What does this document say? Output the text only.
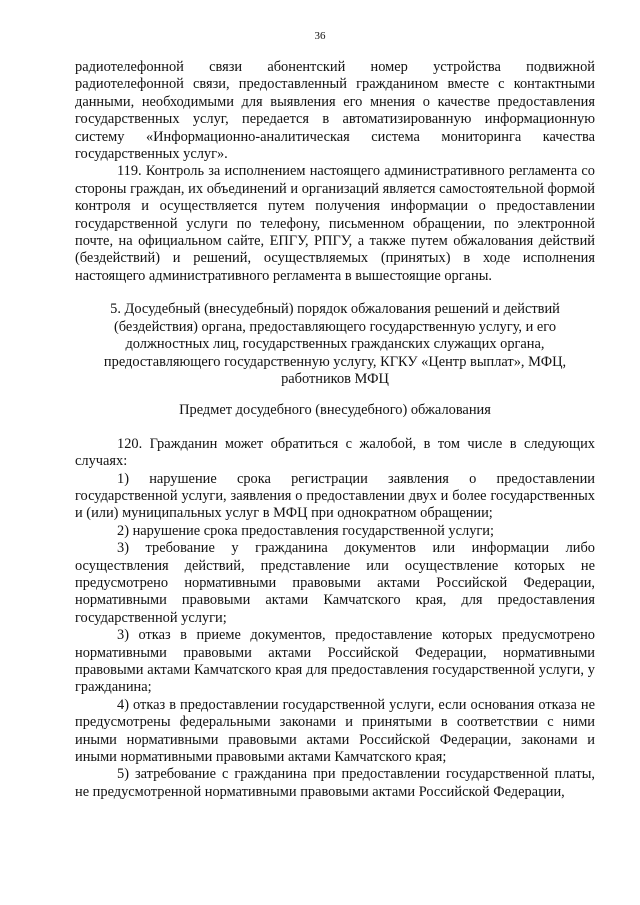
36

радиотелефонной связи абонентский номер устройства подвижной радиотелефонной связи, предоставленный гражданином вместе с контактными данными, необходимыми для выявления его мнения о качестве предоставления государственных услуг, передается в автоматизированную информационную систему «Информационно-аналитическая система мониторинга качества государственных услуг».

119. Контроль за исполнением настоящего административного регламента со стороны граждан, их объединений и организаций является самостоятельной формой контроля и осуществляется путем получения информации о предоставлении государственной услуги по телефону, письменном обращении, по электронной почте, на официальном сайте, ЕПГУ, РПГУ, а также путем обжалования действий (бездействий) и решений, осуществляемых (принятых) в ходе исполнения настоящего административного регламента в вышестоящие органы.

5. Досудебный (внесудебный) порядок обжалования решений и действий (бездействия) органа, предоставляющего государственную услугу, и его должностных лиц, государственных гражданских служащих органа, предоставляющего государственную услугу, КГКУ «Центр выплат», МФЦ, работников МФЦ

Предмет досудебного (внесудебного) обжалования

120. Гражданин может обратиться с жалобой, в том числе в следующих случаях:

1) нарушение срока регистрации заявления о предоставлении государственной услуги, заявления о предоставлении двух и более государственных и (или) муниципальных услуг в МФЦ при однократном обращении;

2) нарушение срока предоставления государственной услуги;

3) требование у гражданина документов или информации либо осуществления действий, представление или осуществление которых не предусмотрено нормативными правовыми актами Российской Федерации, нормативными правовыми актами Камчатского края, для предоставления государственной услуги;

3) отказ в приеме документов, предоставление которых предусмотрено нормативными правовыми актами Российской Федерации, нормативными правовыми актами Камчатского края для предоставления государственной услуги, у гражданина;

4) отказ в предоставлении государственной услуги, если основания отказа не предусмотрены федеральными законами и принятыми в соответствии с ними иными нормативными правовыми актами Российской Федерации, законами и иными нормативными правовыми актами Камчатского края;

5) затребование с гражданина при предоставлении государственной платы, не предусмотренной нормативными правовыми актами Российской Федерации,
